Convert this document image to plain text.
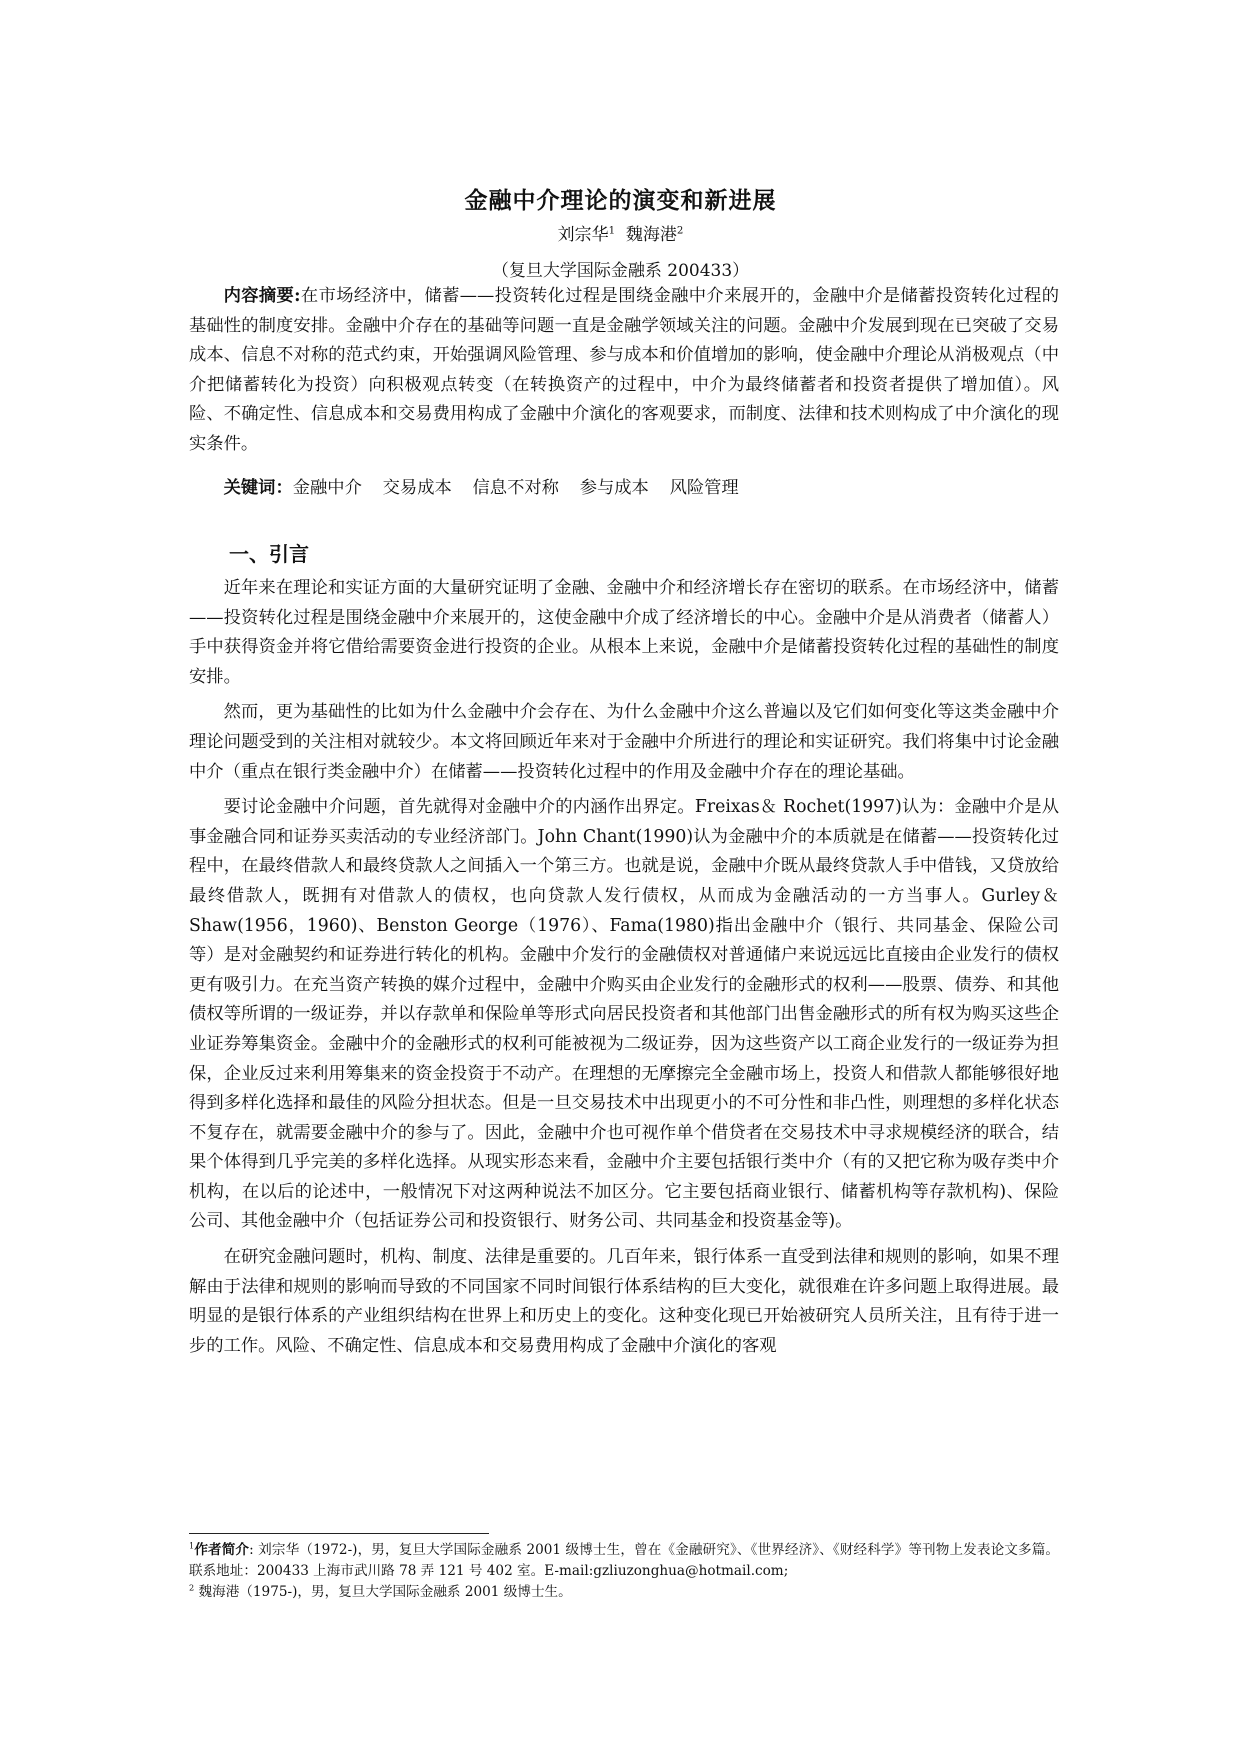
金融中介理论的演变和新进展
刘宗华$^1$ 魏海港$^2$
（复旦大学国际金融系 200433）

内容摘要:在市场经济中，储蓄——投资转化过程是围绕金融中介来展开的，金融中介是储蓄投资转化过程的基础性的制度安排。金融中介存在的基础等问题一直是金融学领域关注的问题。金融中介发展到现在已突破了交易成本、信息不对称的范式约束，开始强调风险管理、参与成本和价值增加的影响，使金融中介理论从消极观点（中介把储蓄转化为投资）向积极观点转变（在转换资产的过程中，中介为最终储蓄者和投资者提供了增加值）。风险、不确定性、信息成本和交易费用构成了金融中介演化的客观要求，而制度、法律和技术则构成了中介演化的现实条件。

关键词：金融中介 交易成本 信息不对称 参与成本 风险管理

一、引言

近年来在理论和实证方面的大量研究证明了金融、金融中介和经济增长存在密切的联系。在市场经济中，储蓄——投资转化过程是围绕金融中介来展开的，这使金融中介成了经济增长的中心。金融中介是从消费者（储蓄人）手中获得资金并将它借给需要资金进行投资的企业。从根本上来说，金融中介是储蓄投资转化过程的基础性的制度安排。

然而，更为基础性的比如为什么金融中介会存在、为什么金融中介这么普遍以及它们如何变化等这类金融中介理论问题受到的关注相对就较少。本文将回顾近年来对于金融中介所进行的理论和实证研究。我们将集中讨论金融中介（重点在银行类金融中介）在储蓄——投资转化过程中的作用及金融中介存在的理论基础。

要讨论金融中介问题，首先就得对金融中介的内涵作出界定。Freixas＆ Rochet(1997)认为：金融中介是从事金融合同和证券买卖活动的专业经济部门。John Chant(1990)认为金融中介的本质就是在储蓄——投资转化过程中，在最终借款人和最终贷款人之间插入一个第三方。也就是说，金融中介既从最终贷款人手中借钱，又贷放给最终借款人，既拥有对借款人的债权，也向贷款人发行债权，从而成为金融活动的一方当事人。Gurley＆Shaw(1956，1960)、Benston George（1976）、Fama(1980)指出金融中介（银行、共同基金、保险公司等）是对金融契约和证券进行转化的机构。金融中介发行的金融债权对普通储户来说远远比直接由企业发行的债权更有吸引力。在充当资产转换的媒介过程中，金融中介购买由企业发行的金融形式的权利——股票、债券、和其他债权等所谓的一级证券，并以存款单和保险单等形式向居民投资者和其他部门出售金融形式的所有权为购买这些企业证券筹集资金。金融中介的金融形式的权利可能被视为二级证券，因为这些资产以工商企业发行的一级证券为担保，企业反过来利用筹集来的资金投资于不动产。在理想的无摩擦完全金融市场上，投资人和借款人都能够很好地得到多样化选择和最佳的风险分担状态。但是一旦交易技术中出现更小的不可分性和非凸性，则理想的多样化状态不复存在，就需要金融中介的参与了。因此，金融中介也可视作单个借贷者在交易技术中寻求规模经济的联合，结果个体得到几乎完美的多样化选择。从现实形态来看，金融中介主要包括银行类中介（有的又把它称为吸存类中介机构，在以后的论述中，一般情况下对这两种说法不加区分。它主要包括商业银行、储蓄机构等存款机构)、保险公司、其他金融中介（包括证券公司和投资银行、财务公司、共同基金和投资基金等)。

在研究金融问题时，机构、制度、法律是重要的。几百年来，银行体系一直受到法律和规则的影响，如果不理解由于法律和规则的影响而导致的不同国家不同时间银行体系结构的巨大变化，就很难在许多问题上取得进展。最明显的是银行体系的产业组织结构在世界上和历史上的变化。这种变化现已开始被研究人员所关注，且有待于进一步的工作。风险、不确定性、信息成本和交易费用构成了金融中介演化的客观

$^1$作者简介: 刘宗华（1972-)，男，复旦大学国际金融系 2001 级博士生，曾在《金融研究》、《世界经济》、《财经科学》等刊物上发表论文多篇。联系地址：200433 上海市武川路 78 弄 121 号 402 室。E-mail:gzliuzonghua@hotmail.com;

$^2$ 魏海港（1975-)，男，复旦大学国际金融系 2001 级博士生。
